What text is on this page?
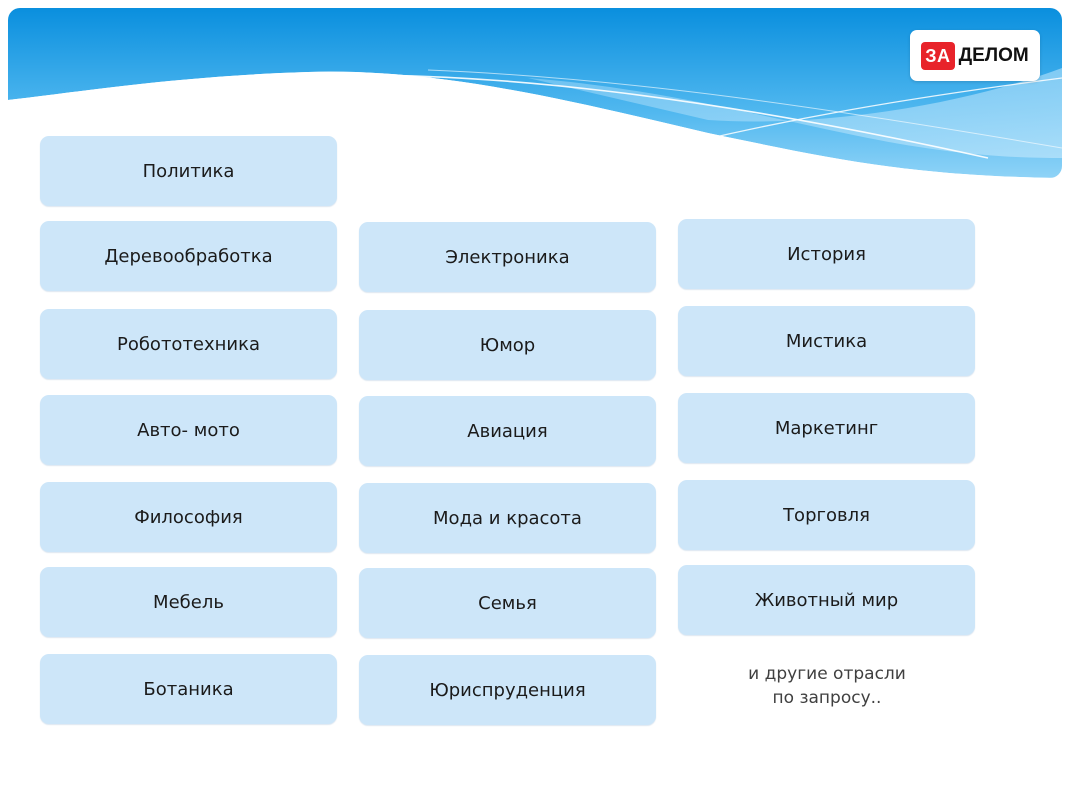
ЗА ДЕЛОМ
Политика
Деревообработка
Робототехника
Авто- мото
Философия
Мебель
Ботаника
Электроника
Юмор
Авиация
Мода и красота
Семья
Юриспруденция
История
Мистика
Маркетинг
Торговля
Животный мир
и другие отрасли
по запросу..
